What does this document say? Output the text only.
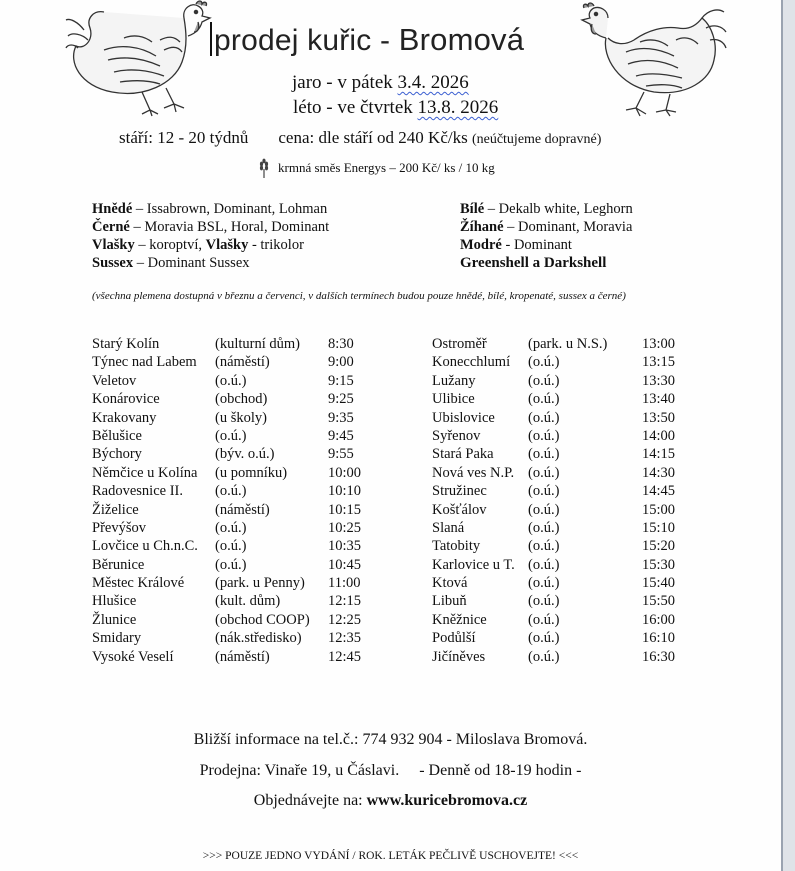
prodej kuřic - Bromová
jaro - v pátek 3.4. 2026
léto - ve čtvrtek 13.8. 2026
stáří: 12 - 20 týdnů cena: dle stáří od 240 Kč/ks (neúčtujeme dopravné)
krmná směs Energys – 200 Kč/ ks / 10 kg
Hnědé – Issabrown, Dominant, Lohman
Černé – Moravia BSL, Horal, Dominant
Vlašky – koroptví, Vlašky - trikolor
Sussex – Dominant Sussex
Bílé – Dekalb white, Leghorn
Žíhané – Dominant, Moravia
Modré - Dominant
Greenshell a Darkshell
(všechna plemena dostupná v březnu a červenci, v dalších termínech budou pouze hnědé, bílé, kropenaté, sussex a černé)
Starý Kolín	(kulturní dům) 8:30
Týnec nad Labem (náměstí)	9:00
Veletov	(o.ú.)	9:15
Konárovice	(obchod)	9:25
Krakovany	(u školy)	9:35
Bělušice	(o.ú.)	9:45
Býchory	(býv. o.ú.)	9:55
Němčice u Kolína (u pomníku)	10:00
Radovesnice II. (o.ú.)	10:10
Žiželice	(náměstí)	10:15
Převýšov	(o.ú.)	10:25
Lovčice u Ch.n.C. (o.ú.)	10:35
Běrunice	(o.ú.)	10:45
Městec Králové (park. u Penny) 11:00
Hlušice	(kult. dům)	12:15
Žlunice	(obchod COOP) 12:25
Smidary	(nák.středisko) 12:35
Vysoké Veselí	(náměstí)	12:45
Ostroměř	(park. u N.S.) 13:00
Konecchlumí (o.ú.)	13:15
Lužany	(o.ú.)	13:30
Ulibice	(o.ú.)	13:40
Ubislovice (o.ú.)	13:50
Syřenov	(o.ú.)	14:00
Stará Paka (o.ú.)	14:15
Nová ves N.P. (o.ú.)	14:30
Stružinec	(o.ú.)	14:45
Košťálov	(o.ú.)	15:00
Slaná	(o.ú.)	15:10
Tatobity	(o.ú.)	15:20
Karlovice u T. (o.ú.)	15:30
Ktová	(o.ú.)	15:40
Libuň	(o.ú.)	15:50
Kněžnice	(o.ú.)	16:00
Podůlší	(o.ú.)	16:10
Jičíněves	(o.ú.)	16:30
Bližší informace na tel.č.: 774 932 904 - Miloslava Bromová.
Prodejna: Vinaře 19, u Čáslavi. - Denně od 18-19 hodin -
Objednávejte na: www.kuricebromova.cz
>>> POUZE JEDNO VYDÁNÍ / ROK. LETÁK PEČLIVĚ USCHOVEJTE! <<<
